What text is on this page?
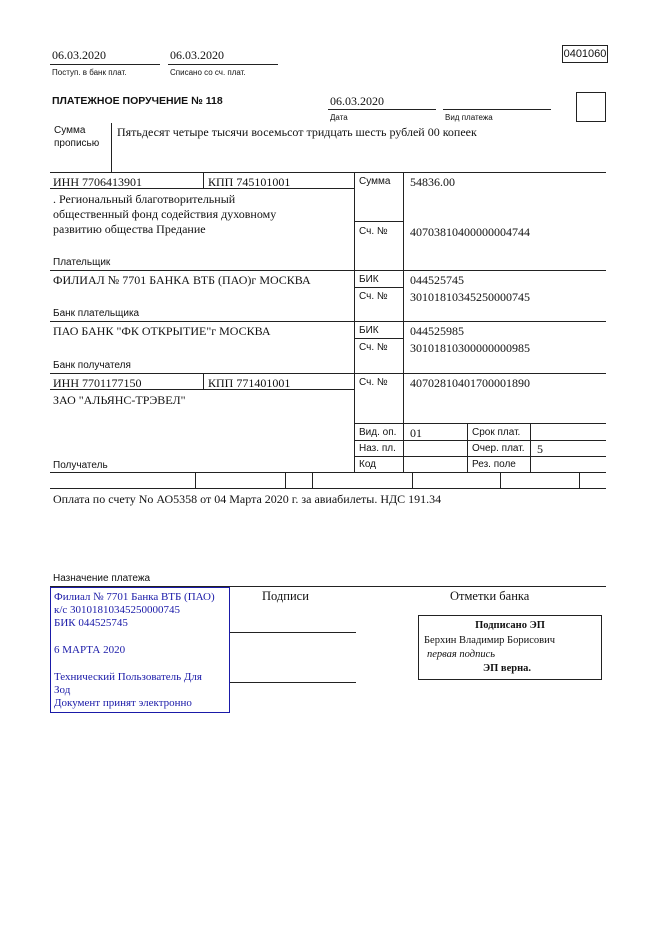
06.03.2020
Поступ. в банк плат.
06.03.2020
Списано со сч. плат.
0401060
ПЛАТЕЖНОЕ ПОРУЧЕНИЕ № 118	06.03.2020
Дата	Вид платежа
Сумма
прописью
Пятьдесят четыре тысячи восемьсот тридцать шесть рублей 00 копеек
ИНН 7706413901	КПП 745101001
. Региональный благотворительный
общественный фонд содействия духовному
развитию общества Предание
Плательщик
Сумма 54836.00
Сч. № 40703810400000004744
ФИЛИАЛ № 7701 БАНКА ВТБ (ПАО)г МОСКВА
Банк плательщика
БИК	044525745
Сч. № 30101810345250000745
ПАО БАНК "ФК ОТКРЫТИЕ"г МОСКВА
Банк получателя
БИК	044525985
Сч. № 30101810300000000985
ИНН 7701177150	КПП 771401001
ЗАО "АЛЬЯНС-ТРЭВЕЛ"
Получатель
Сч. № 40702810401700001890
Вид. оп. 01
Наз. пл.
Код
Срок плат.
Очер. плат. 5
Рез. поле
Оплата по счету No АО5358 от 04 Марта 2020 г. за авиабилеты. НДС 191.34
Назначение платежа
Подписи	Отметки банка
Филиал № 7701 Банка ВТБ (ПАО)
к/с 30101810345250000745
БИК 044525745
6 МАРТА 2020
Технический Пользователь Для
Зод
Документ принят электронно
Подписано ЭП
Берхин Владимир Борисович
первая подпись
ЭП верна.
